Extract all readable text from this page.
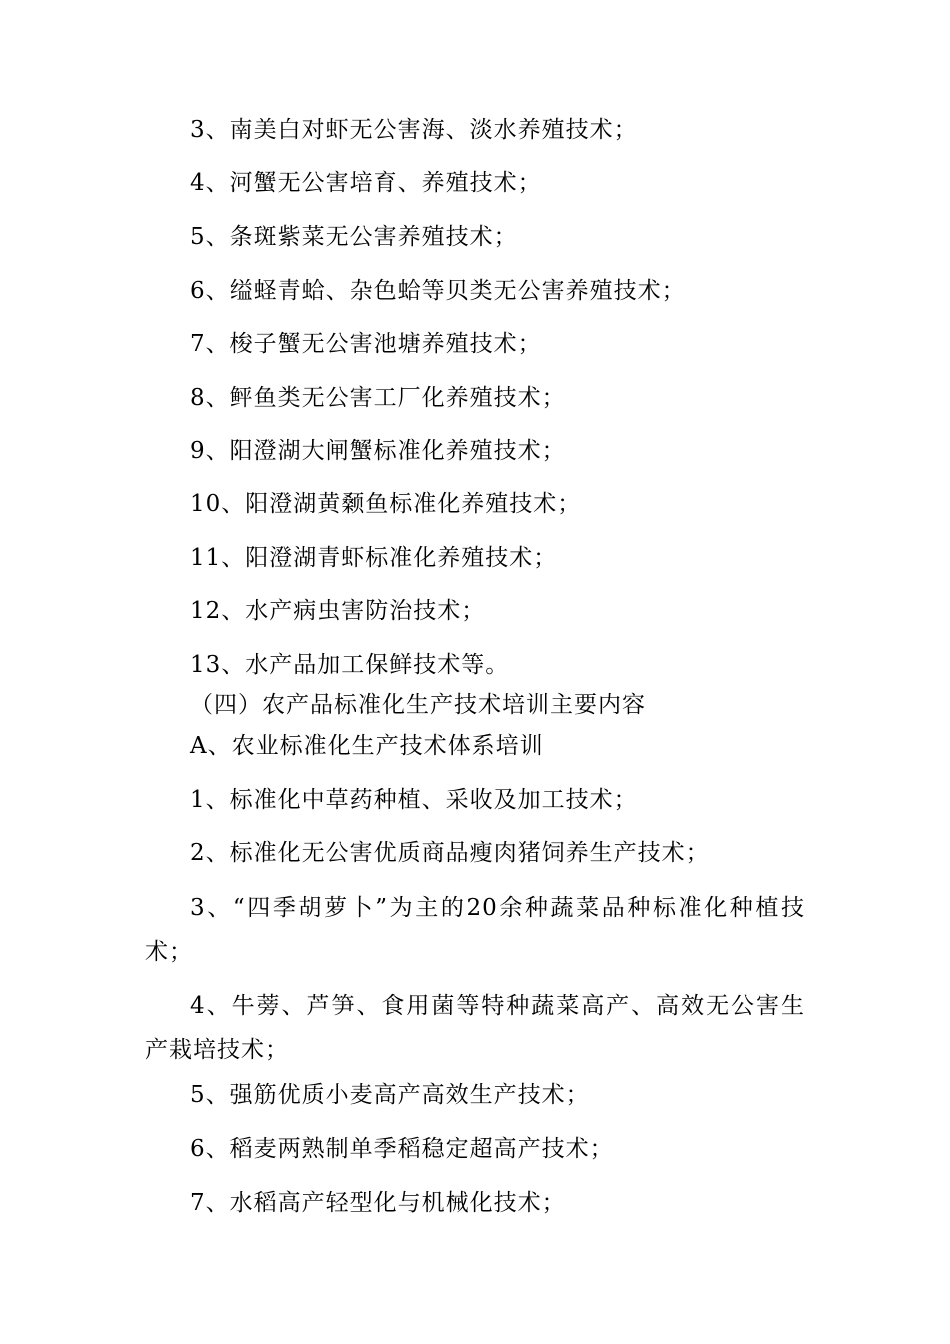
3、南美白对虾无公害海、淡水养殖技术；
4、河蟹无公害培育、养殖技术；
5、条斑紫菜无公害养殖技术；
6、缢蛏青蛤、杂色蛤等贝类无公害养殖技术；
7、梭子蟹无公害池塘养殖技术；
8、鲆鱼类无公害工厂化养殖技术；
9、阳澄湖大闸蟹标准化养殖技术；
10、阳澄湖黄颡鱼标准化养殖技术；
11、阳澄湖青虾标准化养殖技术；
12、水产病虫害防治技术；
13、水产品加工保鲜技术等。
（四）农产品标准化生产技术培训主要内容
A、农业标准化生产技术体系培训
1、标准化中草药种植、采收及加工技术；
2、标准化无公害优质商品瘦肉猪饲养生产技术；
3、“四季胡萝卜”为主的20余种蔬菜品种标准化种植技术；
4、牛蒡、芦笋、食用菌等特种蔬菜高产、高效无公害生产栽培技术；
5、强筋优质小麦高产高效生产技术；
6、稻麦两熟制单季稻稳定超高产技术；
7、水稻高产轻型化与机械化技术；
